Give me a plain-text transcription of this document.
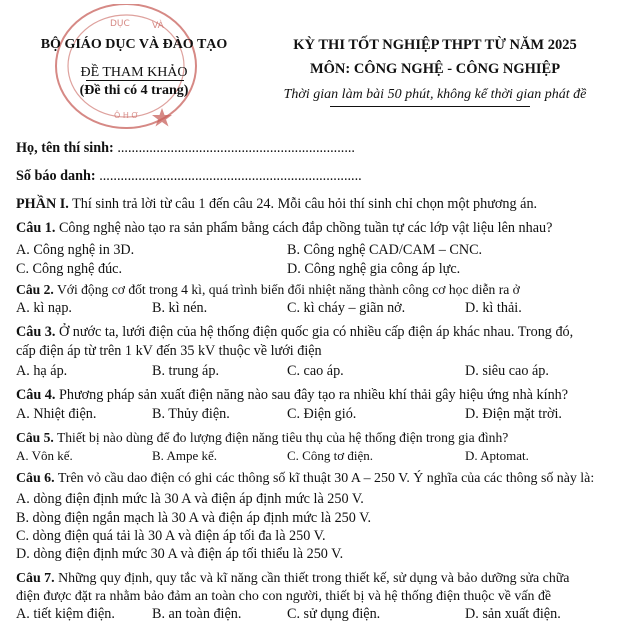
DỤC VÀ
Ô H Ơ
BỘ GIÁO DỤC VÀ ĐÀO TẠO
ĐỀ THAM KHẢO
(Đề thi có 4 trang)
KỲ THI TỐT NGHIỆP THPT TỪ NĂM 2025
MÔN: CÔNG NGHỆ - CÔNG NGHIỆP
Thời gian làm bài 50 phút, không kể thời gian phát đề
Họ, tên thí sinh: ...................................................................
Số báo danh: ..........................................................................
PHẦN I. Thí sinh trả lời từ câu 1 đến câu 24. Mỗi câu hỏi thí sinh chỉ chọn một phương án.
Câu 1. Công nghệ nào tạo ra sản phẩm bằng cách đắp chồng tuần tự các lớp vật liệu lên nhau?
A. Công nghệ in 3D.	B. Công nghệ CAD/CAM – CNC.
C. Công nghệ đúc.	D. Công nghệ gia công áp lực.
Câu 2. Với động cơ đốt trong 4 kì, quá trình biến đổi nhiệt năng thành công cơ học diễn ra ở
A. kì nạp.	B. kì nén.	C. kì cháy – giãn nở.	D. kì thải.
Câu 3. Ở nước ta, lưới điện của hệ thống điện quốc gia có nhiều cấp điện áp khác nhau. Trong đó,
cấp điện áp từ trên 1 kV đến 35 kV thuộc về lưới điện
A. hạ áp.	B. trung áp.	C. cao áp.	D. siêu cao áp.
Câu 4. Phương pháp sản xuất điện năng nào sau đây tạo ra nhiều khí thải gây hiệu ứng nhà kính?
A. Nhiệt điện.	B. Thủy điện.	C. Điện gió.	D. Điện mặt trời.
Câu 5. Thiết bị nào dùng để đo lượng điện năng tiêu thụ của hệ thống điện trong gia đình?
A. Vôn kế.	B. Ampe kế.	C. Công tơ điện.	D. Aptomat.
Câu 6. Trên vỏ cầu dao điện có ghi các thông số kĩ thuật 30 A – 250 V. Ý nghĩa của các thông số này là:
A. dòng điện định mức là 30 A và điện áp định mức là 250 V.
B. dòng điện ngắn mạch là 30 A và điện áp định mức là 250 V.
C. dòng điện quá tải là 30 A và điện áp tối đa là 250 V.
D. dòng điện định mức 30 A và điện áp tối thiểu là 250 V.
Câu 7. Những quy định, quy tắc và kĩ năng cần thiết trong thiết kế, sử dụng và bảo dưỡng sửa chữa
điện được đặt ra nhằm bảo đảm an toàn cho con người, thiết bị và hệ thống điện thuộc về vấn đề
A. tiết kiệm điện.	B. an toàn điện.	C. sử dụng điện.	D. sản xuất điện.
